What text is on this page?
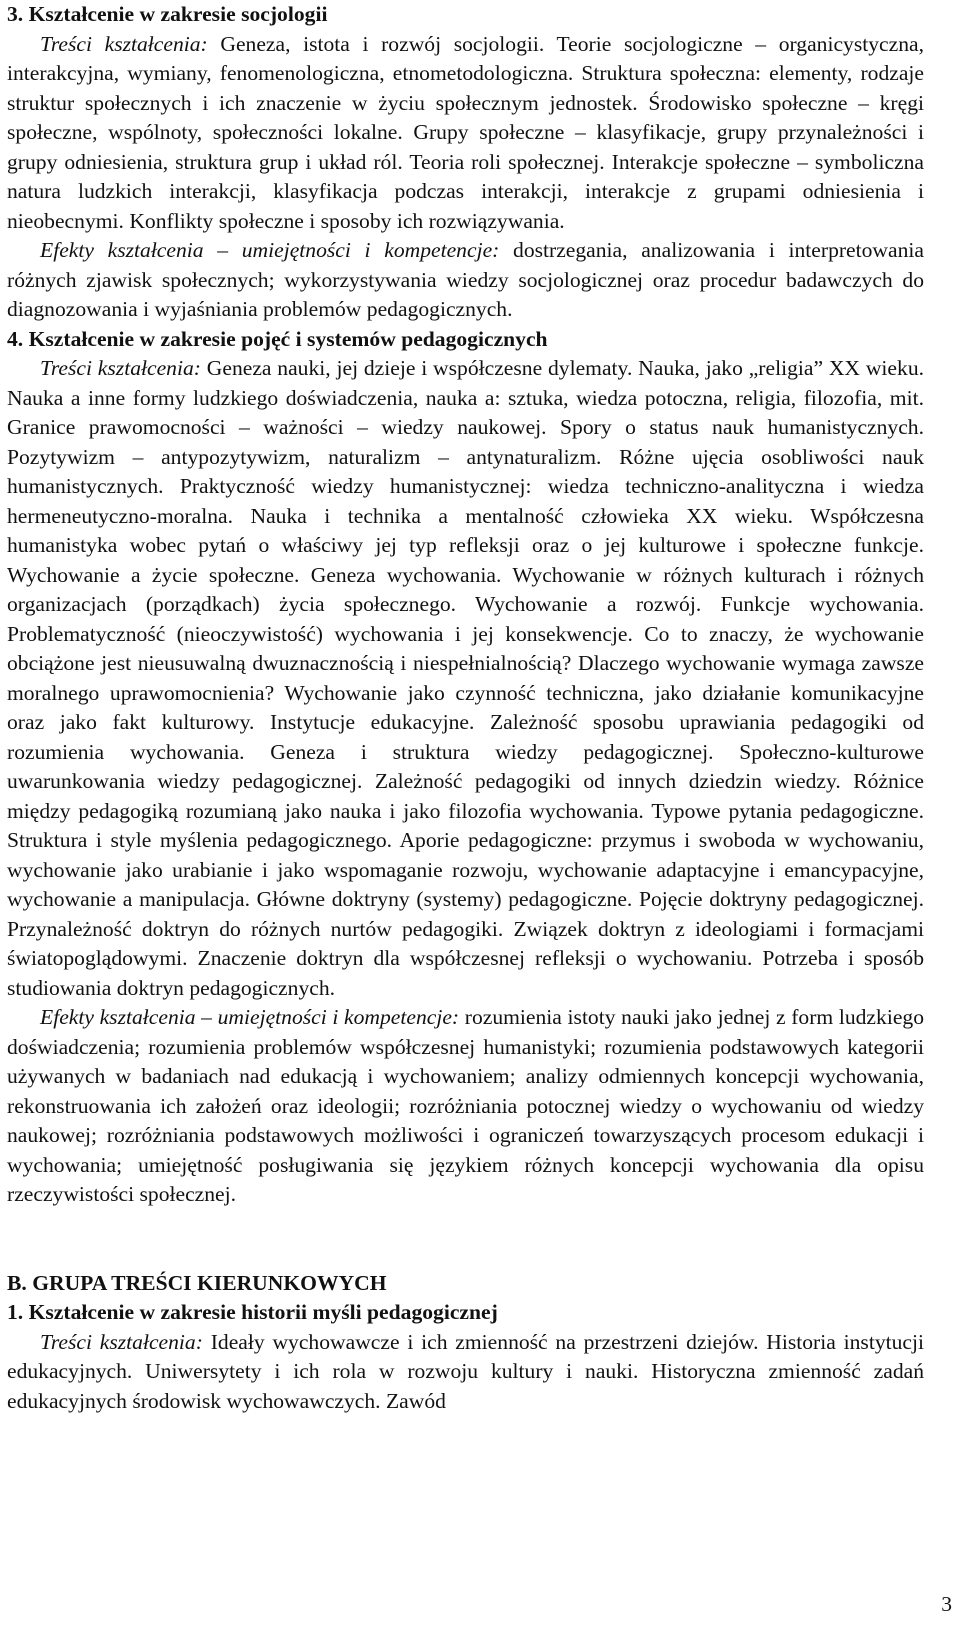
3. Kształcenie w zakresie socjologii

Treści kształcenia: Geneza, istota i rozwój socjologii. Teorie socjologiczne – organicystyczna, interakcyjna, wymiany, fenomenologiczna, etnometodologiczna. Struktura społeczna: elementy, rodzaje struktur społecznych i ich znaczenie w życiu społecznym jednostek. Środowisko społeczne – kręgi społeczne, wspólnoty, społeczności lokalne. Grupy społeczne – klasyfikacje, grupy przynależności i grupy odniesienia, struktura grup i układ ról. Teoria roli społecznej. Interakcje społeczne – symboliczna natura ludzkich interakcji, klasyfikacja podczas interakcji, interakcje z grupami odniesienia i nieobecnymi. Konflikty społeczne i sposoby ich rozwiązywania.

Efekty kształcenia – umiejętności i kompetencje: dostrzegania, analizowania i interpretowania różnych zjawisk społecznych; wykorzystywania wiedzy socjologicznej oraz procedur badawczych do diagnozowania i wyjaśniania problemów pedagogicznych.

4. Kształcenie w zakresie pojęć i systemów pedagogicznych

Treści kształcenia: Geneza nauki, jej dzieje i współczesne dylematy. Nauka, jako „religia” XX wieku. Nauka a inne formy ludzkiego doświadczenia, nauka a: sztuka, wiedza potoczna, religia, filozofia, mit. Granice prawomocności – ważności – wiedzy naukowej. Spory o status nauk humanistycznych. Pozytywizm – antypozytywizm, naturalizm – antynaturalizm. Różne ujęcia osobliwości nauk humanistycznych. Praktyczność wiedzy humanistycznej: wiedza techniczno-analityczna i wiedza hermeneutyczno-moralna. Nauka i technika a mentalność człowieka XX wieku. Współczesna humanistyka wobec pytań o właściwy jej typ refleksji oraz o jej kulturowe i społeczne funkcje. Wychowanie a życie społeczne. Geneza wychowania. Wychowanie w różnych kulturach i różnych organizacjach (porządkach) życia społecznego. Wychowanie a rozwój. Funkcje wychowania. Problematyczność (nieoczywistość) wychowania i jej konsekwencje. Co to znaczy, że wychowanie obciążone jest nieusuwalną dwuznacznością i niespełnialnością? Dlaczego wychowanie wymaga zawsze moralnego uprawomocnienia? Wychowanie jako czynność techniczna, jako działanie komunikacyjne oraz jako fakt kulturowy. Instytucje edukacyjne. Zależność sposobu uprawiania pedagogiki od rozumienia wychowania. Geneza i struktura wiedzy pedagogicznej. Społeczno-kulturowe uwarunkowania wiedzy pedagogicznej. Zależność pedagogiki od innych dziedzin wiedzy. Różnice między pedagogiką rozumianą jako nauka i jako filozofia wychowania. Typowe pytania pedagogiczne. Struktura i style myślenia pedagogicznego. Aporie pedagogiczne: przymus i swoboda w wychowaniu, wychowanie jako urabianie i jako wspomaganie rozwoju, wychowanie adaptacyjne i emancypacyjne, wychowanie a manipulacja. Główne doktryny (systemy) pedagogiczne. Pojęcie doktryny pedagogicznej. Przynależność doktryn do różnych nurtów pedagogiki. Związek doktryn z ideologiami i formacjami światopoglądowymi. Znaczenie doktryn dla współczesnej refleksji o wychowaniu. Potrzeba i sposób studiowania doktryn pedagogicznych.

Efekty kształcenia – umiejętności i kompetencje: rozumienia istoty nauki jako jednej z form ludzkiego doświadczenia; rozumienia problemów współczesnej humanistyki; rozumienia podstawowych kategorii używanych w badaniach nad edukacją i wychowaniem; analizy odmiennych koncepcji wychowania, rekonstruowania ich założeń oraz ideologii; rozróżniania potocznej wiedzy o wychowaniu od wiedzy naukowej; rozróżniania podstawowych możliwości i ograniczeń towarzyszących procesom edukacji i wychowania; umiejętność posługiwania się językiem różnych koncepcji wychowania dla opisu rzeczywistości społecznej.

B. GRUPA TREŚCI KIERUNKOWYCH

1. Kształcenie w zakresie historii myśli pedagogicznej

Treści kształcenia: Ideały wychowawcze i ich zmienność na przestrzeni dziejów. Historia instytucji edukacyjnych. Uniwersytety i ich rola w rozwoju kultury i nauki. Historyczna zmienność zadań edukacyjnych środowisk wychowawczych. Zawód

3
